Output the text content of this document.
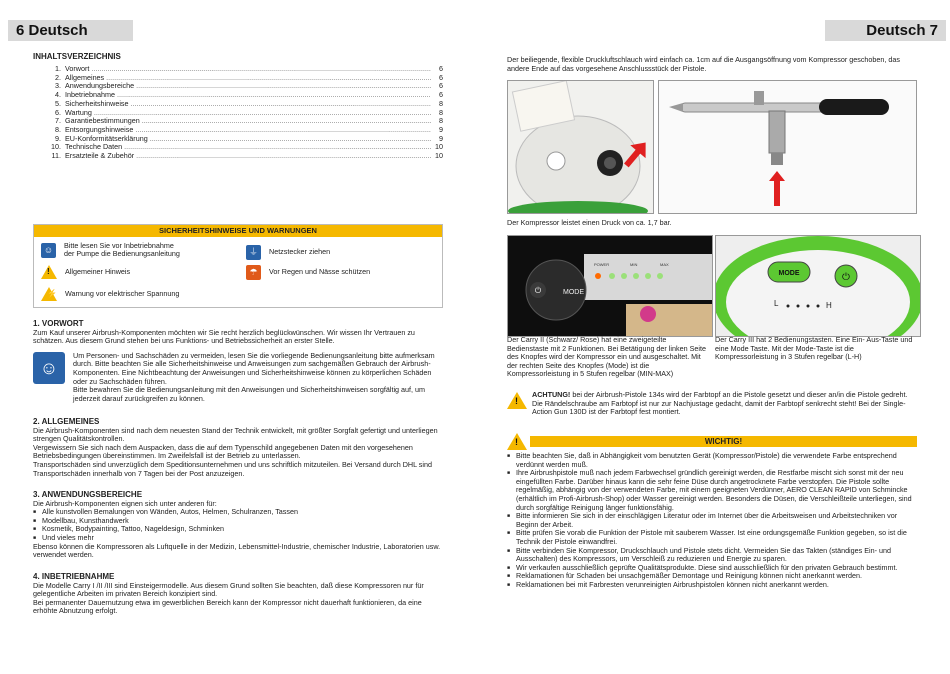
6 Deutsch	Deutsch 7
INHALTSVERZEICHNIS
1. Vorwort .....	6
2. Allgemeines .....	6
3. Anwendungsbereiche .....	6
4. Inbetriebnahme .....	6
5. Sicherheitshinweise .....	8
6. Wartung .....	8
7. Garantiebestimmungen .....	8
8. Entsorgungshinweise .....	9
9. EU-Konformitätserklärung .....	9
10. Technische Daten .....	10
11. Ersatzteile & Zubehör .....	10
SICHERHEITSHINWEISE UND WARNUNGEN
☺	Bitte lesen Sie vor Inbetriebnahme
der Pumpe die Bedienungsanleitung	⏚	Netzstecker ziehen
! Allgemeiner Hinweis	☂	Vor Regen und Nässe schützen
⚡ Warnung vor elektrischer Spannung
1. VORWORT
Zum Kauf unserer Airbrush-Komponenten möchten wir Sie recht herzlich beglückwünschen. Wir wissen Ihr Vertrauen zu schätzen. Aus diesem Grund stehen bei uns Funktions- und Betriebssicherheit an erster Stelle.
☺
Um Personen- und Sachschäden zu vermeiden, lesen Sie die vorliegende Bedienungsanleitung bitte aufmerksam durch. Bitte beachten Sie alle Sicherheitshinweise und Anweisungen zum sachgemäßen Gebrauch der Airbrush-Komponenten. Eine Nichtbeachtung der Anweisungen und Sicherheitshinweise können zu körperlichen Schäden oder zu Sachschäden führen.
Bitte bewahren Sie die Bedienungsanleitung mit den Anweisungen und Sicherheitshinweisen sorgfältig auf, um jederzeit darauf zurückgreifen zu können.
2. ALLGEMEINES
Die Airbrush-Komponenten sind nach dem neuesten Stand der Technik entwickelt, mit größter Sorgfalt gefertigt und unterliegen strengen Qualitätskontrollen.
Vergewissern Sie sich nach dem Auspacken, dass die auf dem Typenschild angegebenen Daten mit den vorgesehenen Betriebsbedingungen übereinstimmen. Im Zweifelsfall ist der Betrieb zu unterlassen.
Transportschäden sind unverzüglich dem Speditionsunternehmen und uns schriftlich mitzuteilen. Bei Versand durch DHL sind Transportschäden innerhalb von 7 Tagen bei der Post anzuzeigen.
3. ANWENDUNGSBEREICHE
Die Airbrush-Komponenten eignen sich unter anderen für:
■ Alle kunstvollen Bemalungen von Wänden, Autos, Helmen, Schulranzen, Tassen
■ Modellbau, Kunsthandwerk
■ Kosmetik, Bodypainting, Tattoo, Nageldesign, Schminken
■ Und vieles mehr
Ebenso können die Kompressoren als Luftquelle in der Medizin, Lebensmittel-Industrie, chemischer Industrie, Laboratorien usw. verwendet werden.
4. INBETRIEBNAHME
Die Modelle Carry I /II /III sind Einsteigermodelle. Aus diesem Grund sollten Sie beachten, daß diese Kompressoren nur für gelegentliche Arbeiten im privaten Bereich konzipiert sind.
Bei permanenter Dauernutzung etwa im gewerblichen Bereich kann der Kompressor nicht dauerhaft funktionieren, da eine erhöhte Abnutzung erfolgt.
Der beiliegende, flexible Druckluftschlauch wird einfach ca. 1cm auf die Ausgangsöffnung vom Kompressor geschoben, das andere Ende auf das vorgesehene Anschlussstück der Pistole.
Der Kompressor leistet einen Druck von ca. 1,7 bar.
⏻	MODE
POWER	MIN	MAX
MODE	⏻
L	H
Der Carry II (Schwarz/ Rose) hat eine zweigeteilte Bedienstaste mit 2 Funktionen. Bei Betätigung der linken Seite des Knopfes wird der Kompressor ein und ausgeschaltet. Mit der rechten Seite des Knopfes (Mode) ist die Kompressorleistung in 5 Stufen regelbar (MIN-MAX)
Der Carry III hat 2 Bedienungstasten. Eine Ein- Aus-Taste und eine Mode Taste. Mit der Mode-Taste ist die Kompressorleistung in 3 Stufen regelbar (L-H)
!
ACHTUNG! bei der Airbrush-Pistole 134s wird der Farbtopf an die Pistole gesetzt und dieser an/in die Pistole gedreht. Die Rändelschraube am Farbtopf ist nur zur Nachjustage gedacht, damit der Farbtopf senkrecht steht! Bei der Single- Action Gun 130D ist der Farbtopf fest montiert.
!	WICHTIG!
■ Bitte beachten Sie, daß in Abhängigkeit vom benutzten Gerät (Kompressor/Pistole) die verwendete Farbe entsprechend verdünnt werden muß.
■ Ihre Airbrushpistole muß nach jedem Farbwechsel gründlich gereinigt werden, die Restfarbe mischt sich sonst mit der neu eingefüllten Farbe. Darüber hinaus kann die sehr feine Düse durch angetrocknete Farbe verstopfen. Die Pistole sollte regelmäßig, abhängig von der verwendeten Farbe, mit einem geeigneten Verdünner, AERO CLEAN RAPID von Schmincke (erhältlich im Profi-Airbrush-Shop) oder Wasser gereinigt werden. Besonders die Düsen, die Verschleißteile unterliegen, sind durch sorgfältige Reinigung länger funktionsfähig.
■ Bitte informieren Sie sich in der einschlägigen Literatur oder im Internet über die Arbeitsweisen und Arbeitstechniken vor Beginn der Arbeit.
■ Bitte prüfen Sie vorab die Funktion der Pistole mit sauberem Wasser. Ist eine ordungsgemäße Funktion gegeben, so ist die Technik der Pistole einwandfrei.
■ Bitte verbinden Sie Kompressor, Druckschlauch und Pistole stets dicht. Vermeiden Sie das Takten (ständiges Ein- und Ausschalten) des Kompressors, um Verschleiß zu reduzieren und Energie zu sparen.
■ Wir verkaufen ausschließlich geprüfte Qualitätsprodukte. Diese sind ausschließlich für den privaten Gebrauch bestimmt.
■ Reklamationen für Schaden bei unsachgemäßer Demontage und Reinigung können nicht anerkannt werden.
■ Reklamationen bei mit Farbresten verunreinigten Airbrushpistolen können nicht anerkannt werden.
